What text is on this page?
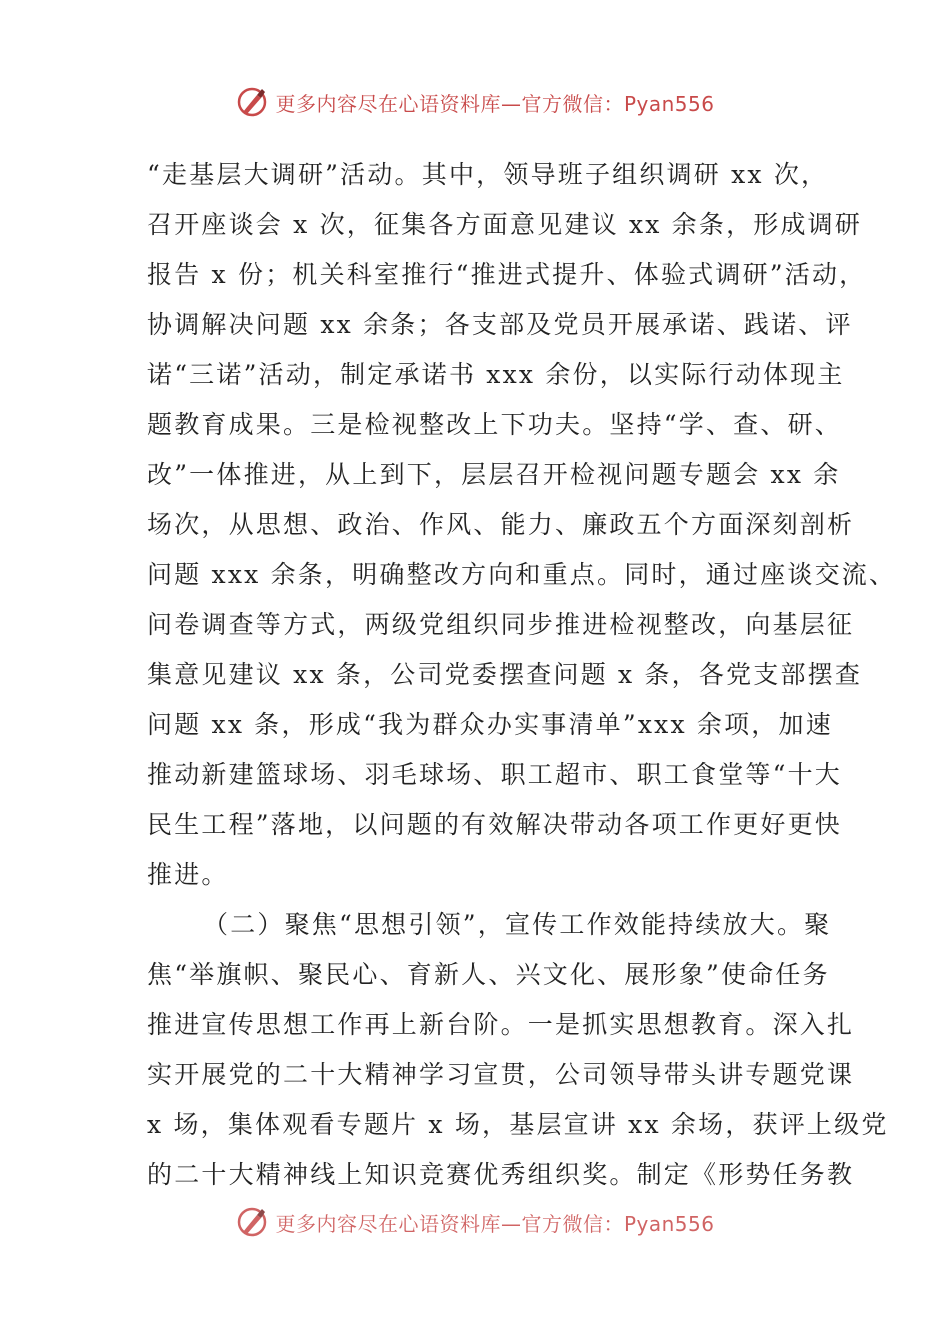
更多内容尽在心语资料库—官方微信：Pyan556
“走基层大调研”活动。其中，领导班子组织调研 xx 次，
召开座谈会 x 次，征集各方面意见建议 xx 余条，形成调研
报告 x 份；机关科室推行“推进式提升、体验式调研”活动，
协调解决问题 xx 余条；各支部及党员开展承诺、践诺、评
诺“三诺”活动，制定承诺书 xxx 余份，以实际行动体现主
题教育成果。三是检视整改上下功夫。坚持“学、查、研、
改”一体推进，从上到下，层层召开检视问题专题会 xx 余
场次，从思想、政治、作风、能力、廉政五个方面深刻剖析
问题 xxx 余条，明确整改方向和重点。同时，通过座谈交流、
问卷调查等方式，两级党组织同步推进检视整改，向基层征
集意见建议 xx 条，公司党委摆查问题 x 条，各党支部摆查
问题 xx 条，形成“我为群众办实事清单”xxx 余项，加速
推动新建篮球场、羽毛球场、职工超市、职工食堂等“十大
民生工程”落地，以问题的有效解决带动各项工作更好更快
推进。
（二）聚焦“思想引领”，宣传工作效能持续放大。聚
焦“举旗帜、聚民心、育新人、兴文化、展形象”使命任务
推进宣传思想工作再上新台阶。一是抓实思想教育。深入扎
实开展党的二十大精神学习宣贯，公司领导带头讲专题党课
x 场，集体观看专题片 x 场，基层宣讲 xx 余场，获评上级党
的二十大精神线上知识竞赛优秀组织奖。制定《形势任务教
更多内容尽在心语资料库—官方微信：Pyan556
